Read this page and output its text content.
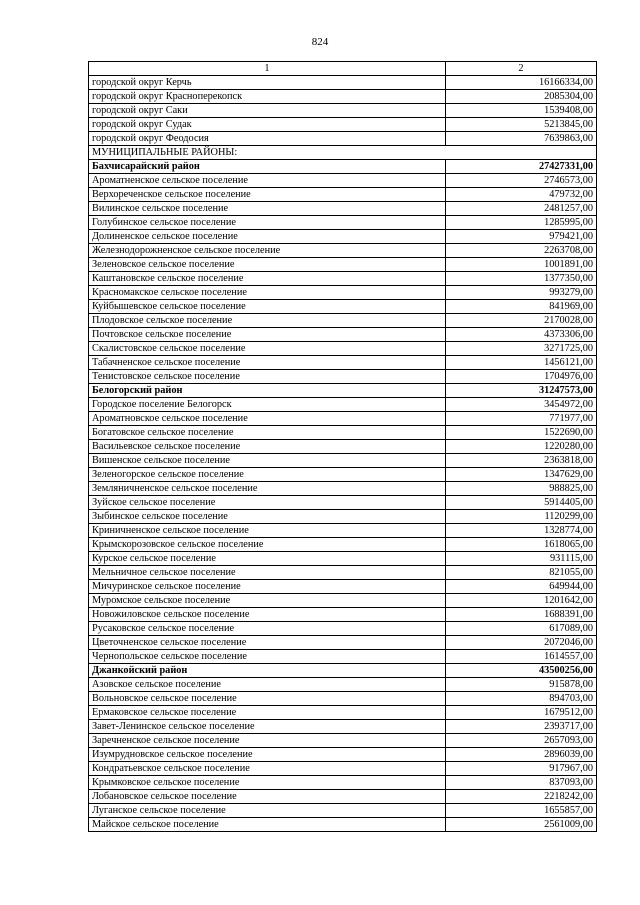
824
1	2
городской округ Керчь	16166334,00
городской округ Красноперекопск	2085304,00
городской округ Саки	1539408,00
городской округ Судак	5213845,00
городской округ Феодосия	7639863,00
МУНИЦИПАЛЬНЫЕ РАЙОНЫ:	
Бахчисарайский район	27427331,00
Ароматненское сельское поселение	2746573,00
Верхореченское сельское поселение	479732,00
Вилинское сельское поселение	2481257,00
Голубинское сельское поселение	1285995,00
Долиненское сельское поселение	979421,00
Железнодорожненское сельское поселение	2263708,00
Зеленовское сельское поселение	1001891,00
Каштановское сельское поселение	1377350,00
Красномакское сельское поселение	993279,00
Куйбышевское сельское поселение	841969,00
Плодовское сельское поселение	2170028,00
Почтовское сельское поселение	4373306,00
Скалистовское сельское поселение	3271725,00
Табачненское сельское поселение	1456121,00
Тенистовское сельское поселение	1704976,00
Белогорский район	31247573,00
Городское поселение Белогорск	3454972,00
Ароматновское сельское поселение	771977,00
Богатовское сельское поселение	1522690,00
Васильевское сельское поселение	1220280,00
Вишенское сельское поселение	2363818,00
Зеленогорское сельское поселение	1347629,00
Земляничненское сельское поселение	988825,00
Зуйское сельское поселение	5914405,00
Зыбинское сельское поселение	1120299,00
Криничненское сельское поселение	1328774,00
Крымскорозовское сельское поселение	1618065,00
Курское сельское поселение	931115,00
Мельничное сельское поселение	821055,00
Мичуринское сельское поселение	649944,00
Муромское сельское поселение	1201642,00
Новожиловское сельское поселение	1688391,00
Русаковское сельское поселение	617089,00
Цветочненское сельское поселение	2072046,00
Чернопольское сельское поселение	1614557,00
Джанкойский район	43500256,00
Азовское сельское поселение	915878,00
Вольновское сельское поселение	894703,00
Ермаковское сельское поселение	1679512,00
Завет-Ленинское сельское поселение	2393717,00
Заречненское сельское поселение	2657093,00
Изумрудновское сельское поселение	2896039,00
Кондратьевское сельское поселение	917967,00
Крымковское сельское поселение	837093,00
Лобановское сельское поселение	2218242,00
Луганское сельское поселение	1655857,00
Майское сельское поселение	2561009,00
